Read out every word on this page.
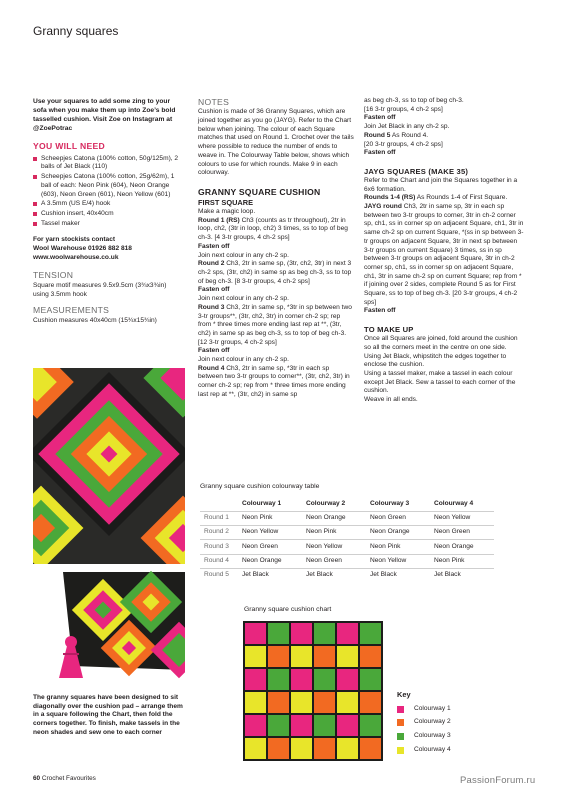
Granny squares

Use your squares to add some zing to your sofa when you make them up into Zoe’s bold tasselled cushion. Visit Zoe on Instagram at @ZoePotrac

YOU WILL NEED
Scheepjes Catona (100% cotton, 50g/125m), 2 balls of Jet Black (110)
Scheepjes Catona (100% cotton, 25g/62m), 1 ball of each: Neon Pink (604), Neon Orange (603), Neon Green (601), Neon Yellow (601)
A 3.5mm (US E/4) hook
Cushion insert, 40x40cm
Tassel maker

For yarn stockists contact

Wool Warehouse 01926 882 818

www.woolwarehouse.co.uk

TENSION

Square motif measures 9.5x9.5cm (3¾x3¾in) using 3.5mm hook

MEASUREMENTS

Cushion measures 40x40cm (15¾x15¾in)

The granny squares have been designed to sit diagonally over the cushion pad – arrange them in a square following the Chart, then fold the corners together. To finish, make tassels in the neon shades and sew one to each corner

NOTES

Cushion is made of 36 Granny Squares, which are joined together as you go (JAYG). Refer to the Chart below when joining. The colour of each Square matches that used on Round 1. Crochet over the tails where possible to reduce the number of ends to weave in. The Colourway Table below, shows which colours to use for which rounds. Make 9 in each colourway.

GRANNY SQUARE CUSHION

FIRST SQUARE

Make a magic loop.

Round 1 (RS) Ch3 (counts as tr throughout), 2tr in loop, ch2, (3tr in loop, ch2) 3 times, ss to top of beg ch-3. [4 3-tr groups, 4 ch-2 sps]

Fasten off

Join next colour in any ch-2 sp.

Round 2 Ch3, 2tr in same sp, (3tr, ch2, 3tr) in next 3 ch-2 sps, (3tr, ch2) in same sp as beg ch-3, ss to top of beg ch-3. [8 3-tr groups, 4 ch-2 sps]

Fasten off

Join next colour in any ch-2 sp.

Round 3 Ch3, 2tr in same sp, *3tr in sp between two 3-tr groups**, (3tr, ch2, 3tr) in corner ch-2 sp; rep from * three times more ending last rep at **, (3tr, ch2) in same sp as beg ch-3, ss to top of beg ch-3. [12 3-tr groups, 4 ch-2 sps]

Fasten off

Join next colour in any ch-2 sp.

Round 4 Ch3, 2tr in same sp, *3tr in each sp between two 3-tr groups to corner**, (3tr, ch2, 3tr) in corner ch-2 sp; rep from * three times more ending last rep at **, (3tr, ch2) in same sp

as beg ch-3, ss to top of beg ch-3.

[16 3-tr groups, 4 ch-2 sps]

Fasten off

Join Jet Black in any ch-2 sp.

Round 5 As Round 4.

[20 3-tr groups, 4 ch-2 sps]

Fasten off

JAYG SQUARES (MAKE 35)

Refer to the Chart and join the Squares together in a 6x6 formation.

Rounds 1-4 (RS) As Rounds 1-4 of First Square.

JAYG round Ch3, 2tr in same sp, 3tr in each sp between two 3-tr groups to corner, 3tr in ch-2 corner sp, ch1, ss in corner sp on adjacent Square, ch1, 3tr in same ch-2 sp on current Square, *(ss in sp between 3-tr groups on adjacent Square, 3tr in next sp between 3-tr groups on current Square) 3 times, ss in sp between 3-tr groups on adjacent Square, 3tr in ch-2 corner sp, ch1, ss in corner sp on adjacent Square, ch1, 3tr in same ch-2 sp on current Square; rep from * if joining over 2 sides, complete Round 5 as for First Square, ss to top of beg ch-3. [20 3-tr groups, 4 ch-2 sps]

Fasten off

TO MAKE UP

Once all Squares are joined, fold around the cushion so all the corners meet in the centre on one side. Using Jet Black, whipstitch the edges together to enclose the cushion.

Using a tassel maker, make a tassel in each colour except Jet Black. Sew a tassel to each corner of the cushion.

Weave in all ends.

Granny square cushion colourway table

	Colourway 1	Colourway 2	Colourway 3	Colourway 4
Round 1	Neon Pink	Neon Orange	Neon Green	Neon Yellow
Round 2	Neon Yellow	Neon Pink	Neon Orange	Neon Green
Round 3	Neon Green	Neon Yellow	Neon Pink	Neon Orange
Round 4	Neon Orange	Neon Green	Neon Yellow	Neon Pink
Round 5	Jet Black	Jet Black	Jet Black	Jet Black

Granny square cushion chart

Key

Colourway 1
Colourway 2
Colourway 3
Colourway 4
60 Crochet Favourites	PassionForum.ru
